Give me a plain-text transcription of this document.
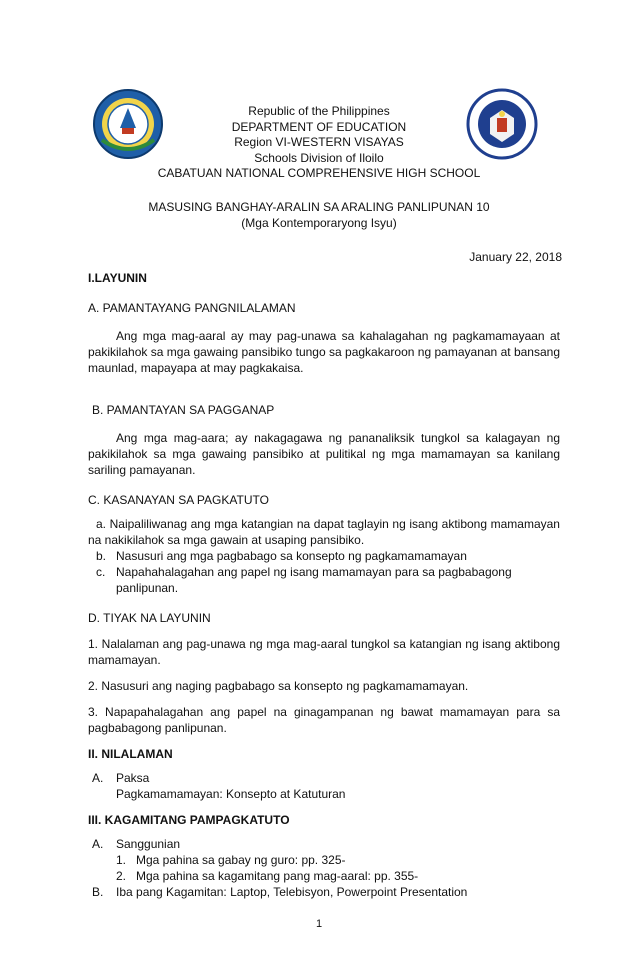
Republic of the Philippines
DEPARTMENT OF EDUCATION
Region VI-WESTERN VISAYAS
Schools Division of Iloilo
CABATUAN NATIONAL COMPREHENSIVE HIGH SCHOOL
MASUSING BANGHAY-ARALIN SA ARALING PANLIPUNAN 10
(Mga Kontemporaryong Isyu)
January 22, 2018

I.LAYUNIN

A. PAMANTAYANG PANGNILALAMAN

Ang mga mag-aaral ay may pag-unawa sa kahalagahan ng pagkamamayaan at pakikilahok sa mga gawaing pansibiko tungo sa pagkakaroon ng pamayanan at bansang maunlad, mapayapa at may pagkakaisa.

B. PAMANTAYAN SA PAGGANAP

Ang mga mag-aara; ay nakagagawa ng pananaliksik tungkol sa kalagayan ng pakikilahok sa mga gawaing pansibiko at pulitikal ng mga mamamayan sa kanilang sariling pamayanan.

C. KASANAYAN SA PAGKATUTO

a. Naipaliliwanag ang mga katangian na dapat taglayin ng isang aktibong mamamayan na nakikilahok sa mga gawain at usaping pansibiko.

b. Nasusuri ang mga pagbabago sa konsepto ng pagkamamamayan
c. Napahahalagahan ang papel ng isang mamamayan para sa pagbabagong panlipunan.

D. TIYAK NA LAYUNIN

1. Nalalaman ang pag-unawa ng mga mag-aaral tungkol sa katangian ng isang aktibong mamamayan.

2. Nasusuri ang naging pagbabago sa konsepto ng pagkamamamayan.

3. Napapahalagahan ang papel na ginagampanan ng bawat mamamayan para sa pagbabagong panlipunan.

II. NILALAMAN

A.	Paksa
Pagkamamamayan: Konsepto at Katuturan

III. KAGAMITANG PAMPAGKATUTO

A.	Sanggunian
1. Mga pahina sa gabay ng guro: pp. 325-
2. Mga pahina sa kagamitang pang mag-aaral: pp. 355-
B.	Iba pang Kagamitan: Laptop, Telebisyon, Powerpoint Presentation
1
